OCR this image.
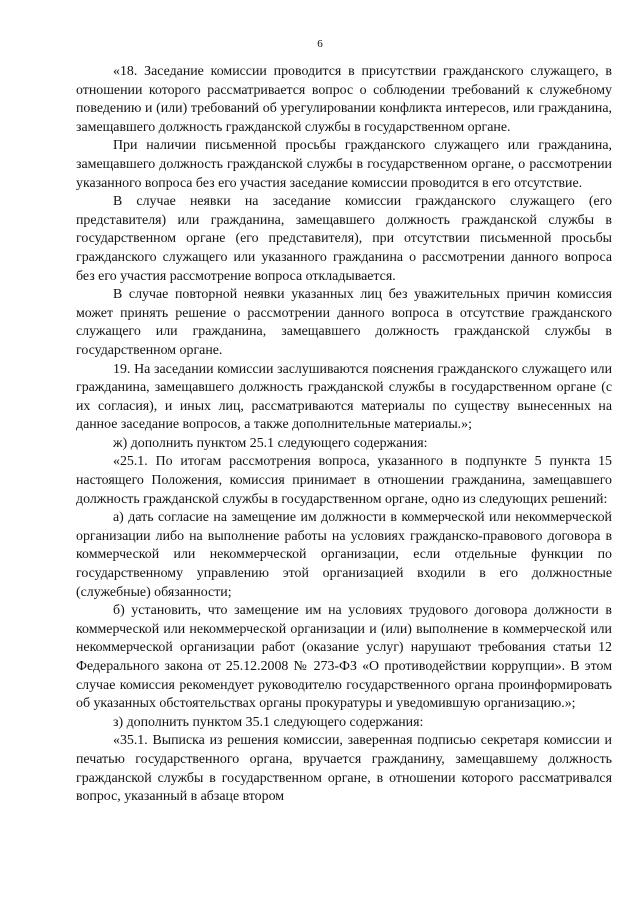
6

«18. Заседание комиссии проводится в присутствии гражданского служащего, в отношении которого рассматривается вопрос о соблюдении требований к служебному поведению и (или) требований об урегулировании конфликта интересов, или гражданина, замещавшего должность гражданской службы в государственном органе.

При наличии письменной просьбы гражданского служащего или гражданина, замещавшего должность гражданской службы в государственном органе, о рассмотрении указанного вопроса без его участия заседание комиссии проводится в его отсутствие.

В случае неявки на заседание комиссии гражданского служащего (его представителя) или гражданина, замещавшего должность гражданской службы в государственном органе (его представителя), при отсутствии письменной просьбы гражданского служащего или указанного гражданина о рассмотрении данного вопроса без его участия рассмотрение вопроса откладывается.

В случае повторной неявки указанных лиц без уважительных причин комиссия может принять решение о рассмотрении данного вопроса в отсутствие гражданского служащего или гражданина, замещавшего должность гражданской службы в государственном органе.

19. На заседании комиссии заслушиваются пояснения гражданского служащего или гражданина, замещавшего должность гражданской службы в государственном органе (с их согласия), и иных лиц, рассматриваются материалы по существу вынесенных на данное заседание вопросов, а также дополнительные материалы.»;

ж) дополнить пунктом 25.1 следующего содержания:

«25.1. По итогам рассмотрения вопроса, указанного в подпункте 5 пункта 15 настоящего Положения, комиссия принимает в отношении гражданина, замещавшего должность гражданской службы в государственном органе, одно из следующих решений:

а) дать согласие на замещение им должности в коммерческой или некоммерческой организации либо на выполнение работы на условиях гражданско-правового договора в коммерческой или некоммерческой организации, если отдельные функции по государственному управлению этой организацией входили в его должностные (служебные) обязанности;

б) установить, что замещение им на условиях трудового договора должности в коммерческой или некоммерческой организации и (или) выполнение в коммерческой или некоммерческой организации работ (оказание услуг) нарушают требования статьи 12 Федерального закона от 25.12.2008 № 273-ФЗ «О противодействии коррупции». В этом случае комиссия рекомендует руководителю государственного органа проинформировать об указанных обстоятельствах органы прокуратуры и уведомившую организацию.»;

з) дополнить пунктом 35.1 следующего содержания:

«35.1. Выписка из решения комиссии, заверенная подписью секретаря комиссии и печатью государственного органа, вручается гражданину, замещавшему должность гражданской службы в государственном органе, в отношении которого рассматривался вопрос, указанный в абзаце втором
